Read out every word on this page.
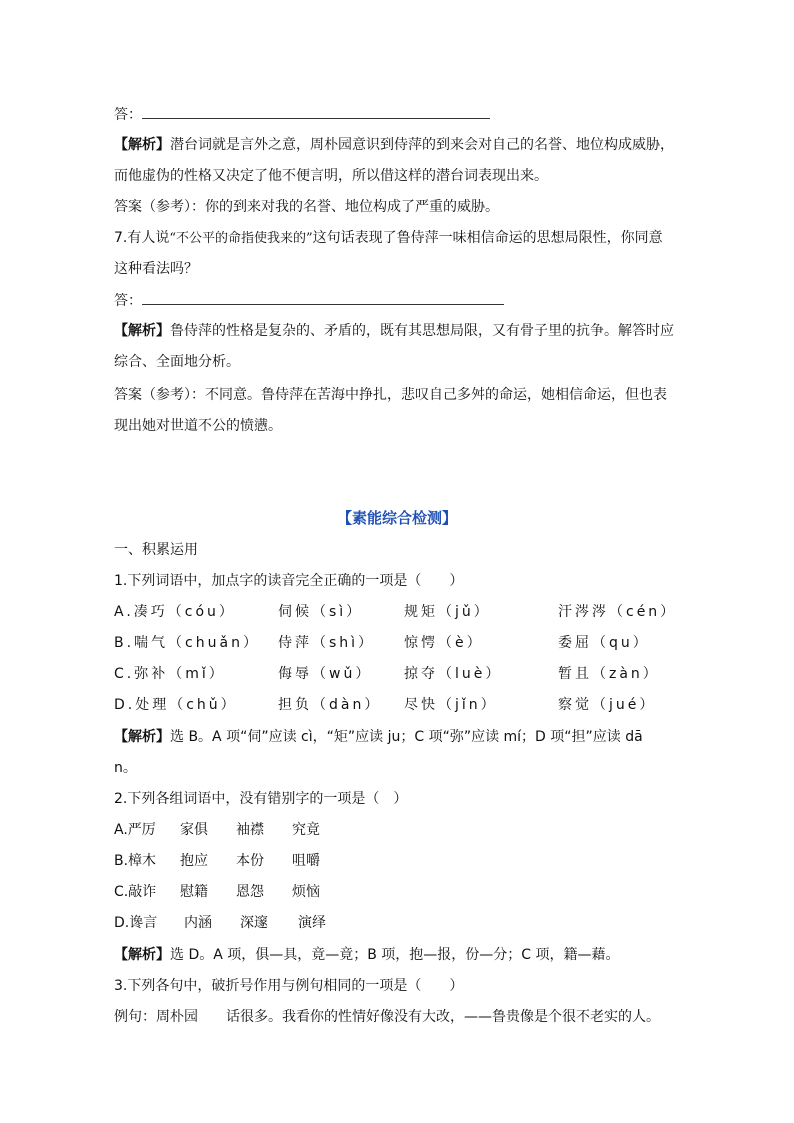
答：
【解析】潜台词就是言外之意，周朴园意识到侍萍的到来会对自己的名誉、地位构成威胁，
而他虚伪的性格又决定了他不便言明，所以借这样的潜台词表现出来。
答案（参考）：你的到来对我的名誉、地位构成了严重的威胁。
7.有人说“不公平的命指使我来的”这句话表现了鲁侍萍一味相信命运的思想局限性，你同意
这种看法吗？
答：
【解析】鲁侍萍的性格是复杂的、矛盾的，既有其思想局限，又有骨子里的抗争。解答时应
综合、全面地分析。
答案（参考）：不同意。鲁侍萍在苦海中挣扎，悲叹自己多舛的命运，她相信命运，但也表
现出她对世道不公的愤懑。
【素能综合检测】
一、积累运用
1.下列词语中，加点字的读音完全正确的一项是（　　）
A.凑巧（cóu）	伺候（sì）	规矩（jǔ）	汗涔涔（cén）
B.喘气（chuǎn） 侍萍（shì） 惊愕（è）	委屈（qu）
C.弥补（mǐ）	侮辱（wǔ） 掠夺（luè）	暂且（zàn）
D.处理（chǔ）	担负（dàn） 尽快（jǐn）	察觉（jué）
【解析】选 B。A 项“伺”应读 cì，“矩”应读 ju；C 项“弥”应读 mí；D 项“担”应读 dā
n。
2.下列各组词语中，没有错别字的一项是（　）
A.严厉 家俱 袖襟 究竟
B.樟木 抱应 本份 咀嚼
C.敲诈 慰籍 恩怨 烦恼
D.谗言 内涵 深邃 演绎
【解析】选 D。A 项，俱—具，竟—竟；B 项，抱—报，份—分；C 项，籍—藉。
3.下列各句中，破折号作用与例句相同的一项是（　　）
例句：周朴园　　话很多。我看你的性情好像没有大改，——鲁贵像是个很不老实的人。
